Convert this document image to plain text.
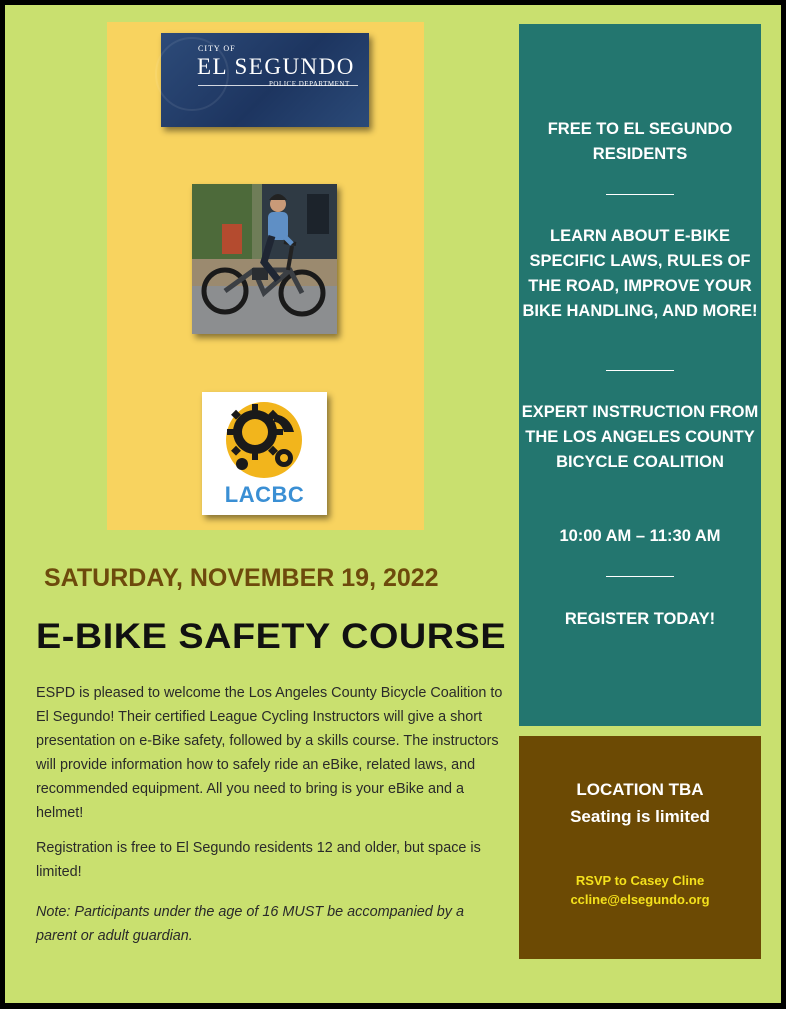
CITY OF
EL SEGUNDO
POLICE DEPARTMENT
LACBC
SATURDAY, NOVEMBER 19, 2022
E-BIKE SAFETY COURSE

ESPD is pleased to welcome the Los Angeles County Bicycle Coalition to El Segundo! Their certified League Cycling Instructors will give a short presentation on e-Bike safety, followed by a skills course. The instructors will provide information how to safely ride an eBike, related laws, and recommended equipment. All you need to bring is your eBike and a helmet!

Registration is free to El Segundo residents 12 and older, but space is limited!

Note: Participants under the age of 16 MUST be accompanied by a parent or adult guardian.

FREE TO EL SEGUNDO RESIDENTS
LEARN ABOUT E-BIKE SPECIFIC LAWS, RULES OF THE ROAD, IMPROVE YOUR BIKE HANDLING, AND MORE!
EXPERT INSTRUCTION FROM THE LOS ANGELES COUNTY BICYCLE COALITION
10:00 AM – 11:30 AM
REGISTER TODAY!
LOCATION TBA
Seating is limited
RSVP to Casey Cline
ccline@elsegundo.org
